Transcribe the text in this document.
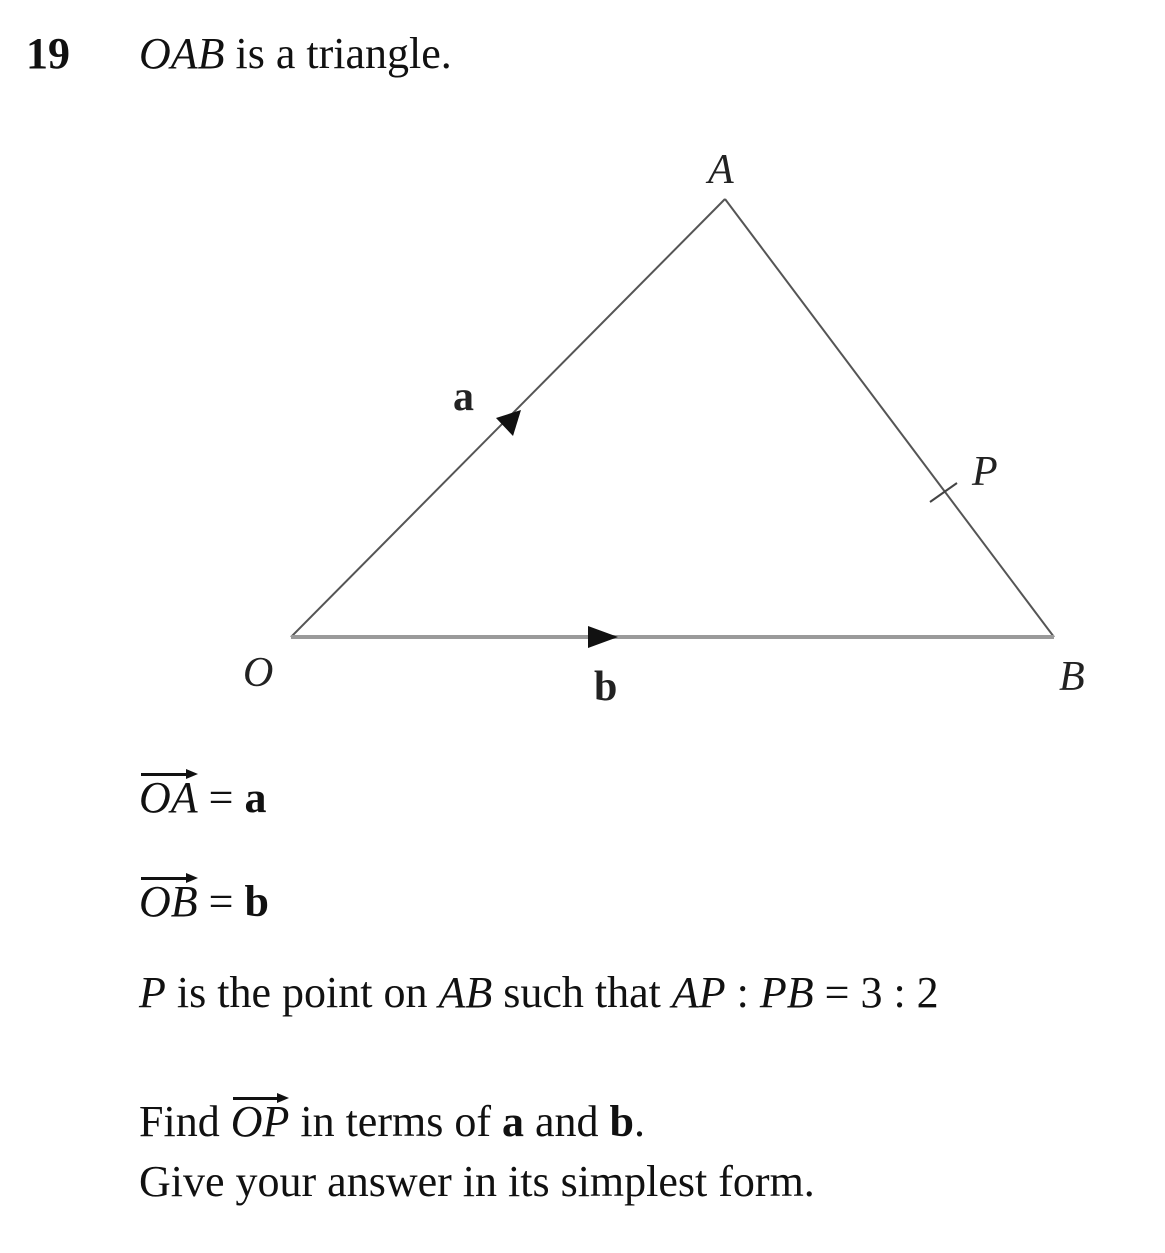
19 OAB is a triangle.
A
O	B
P
a
b
OA = a
OB = b
P is the point on AB such that AP : PB = 3 : 2
Find
OP in terms of a and b.
Give your answer in its simplest form.
